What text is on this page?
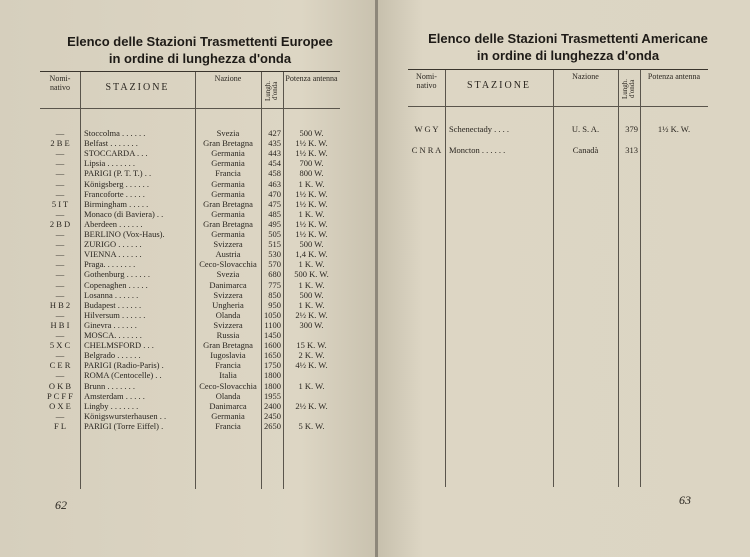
Elenco delle Stazioni Trasmettenti Europee
in ordine di lunghezza d'onda
Nomi-nativo	STAZIONE
Nazione
Lungh. d'onda
Potenza antenna
—	Stoccolma . . . . . .	Svezia	427	500 W.
2 B E	Belfast . . . . . . .	Gran Bretagna	435	1½ K. W.
—	STOCCARDA . . .	Germania	443	1½ K. W.
—	Lipsia . . . . . . .	Germania	454	700 W.
—	PARIGI (P. T. T.) . .	Francia	458	800 W.
—	Königsberg . . . . . .	Germania	463	1 K. W.
—	Francoforte . . . . .	Germania	470	1½ K. W.
5 I T	Birmingham . . . . .	Gran Bretagna	475	1½ K. W.
—	Monaco (di Baviera) . .	Germania	485	1 K. W.
2 B D	Aberdeen . . . . . .	Gran Bretagna	495	1½ K. W.
—	BERLINO (Vox-Haus).	Germania	505	1½ K. W.
—	ZURIGO . . . . . .	Svizzera	515	500 W.
—	VIENNA . . . . . .	Austria	530	1,4 K. W.
—	Praga. . . . . . . .	Ceco-Slovacchia	570	1 K. W.
—	Gothenburg . . . . . .	Svezia	680	500 K. W.
—	Copenaghen . . . . .	Danimarca	775	1 K. W.
—	Losanna . . . . . .	Svizzera	850	500 W.
H B 2	Budapest . . . . . .	Ungheria	950	1 K. W.
—	Hilversum . . . . . .	Olanda	1050	2½ K. W.
H B I	Ginevra . . . . . .	Svizzera	1100	300 W.
—	MOSCA. . . . . . .	Russia	1450
5 X C	CHELMSFORD . . .	Gran Bretagna	1600	15 K. W.
—	Belgrado . . . . . .	Iugoslavia	1650	2 K. W.
C E R	PARIGI (Radio-Paris) .	Francia	1750	4½ K. W.
—	ROMA (Centocelle) . .	Italia	1800
O K B	Brunn . . . . . . .	Ceco-Slovacchia 1800	1 K. W.
P C F F	Amsterdam . . . . .	Olanda	1955
O X E	Lingby . . . . . . .	Danimarca	2400	2½ K. W.
—	Königswursterhausen . .	Germania	2450
F L	PARIGI (Torre Eiffel) .	Francia	2650	5 K. W.
62
Elenco delle Stazioni Trasmettenti Americane
in ordine di lunghezza d'onda
Nomi-nativo	STAZIONE
Nazione
Lungh. d'onda
Potenza antenna
W G Y	Schenectady . . . .	U. S. A.	379	1½ K. W.
C N R A Moncton . . . . . .	Canadà	313
63
